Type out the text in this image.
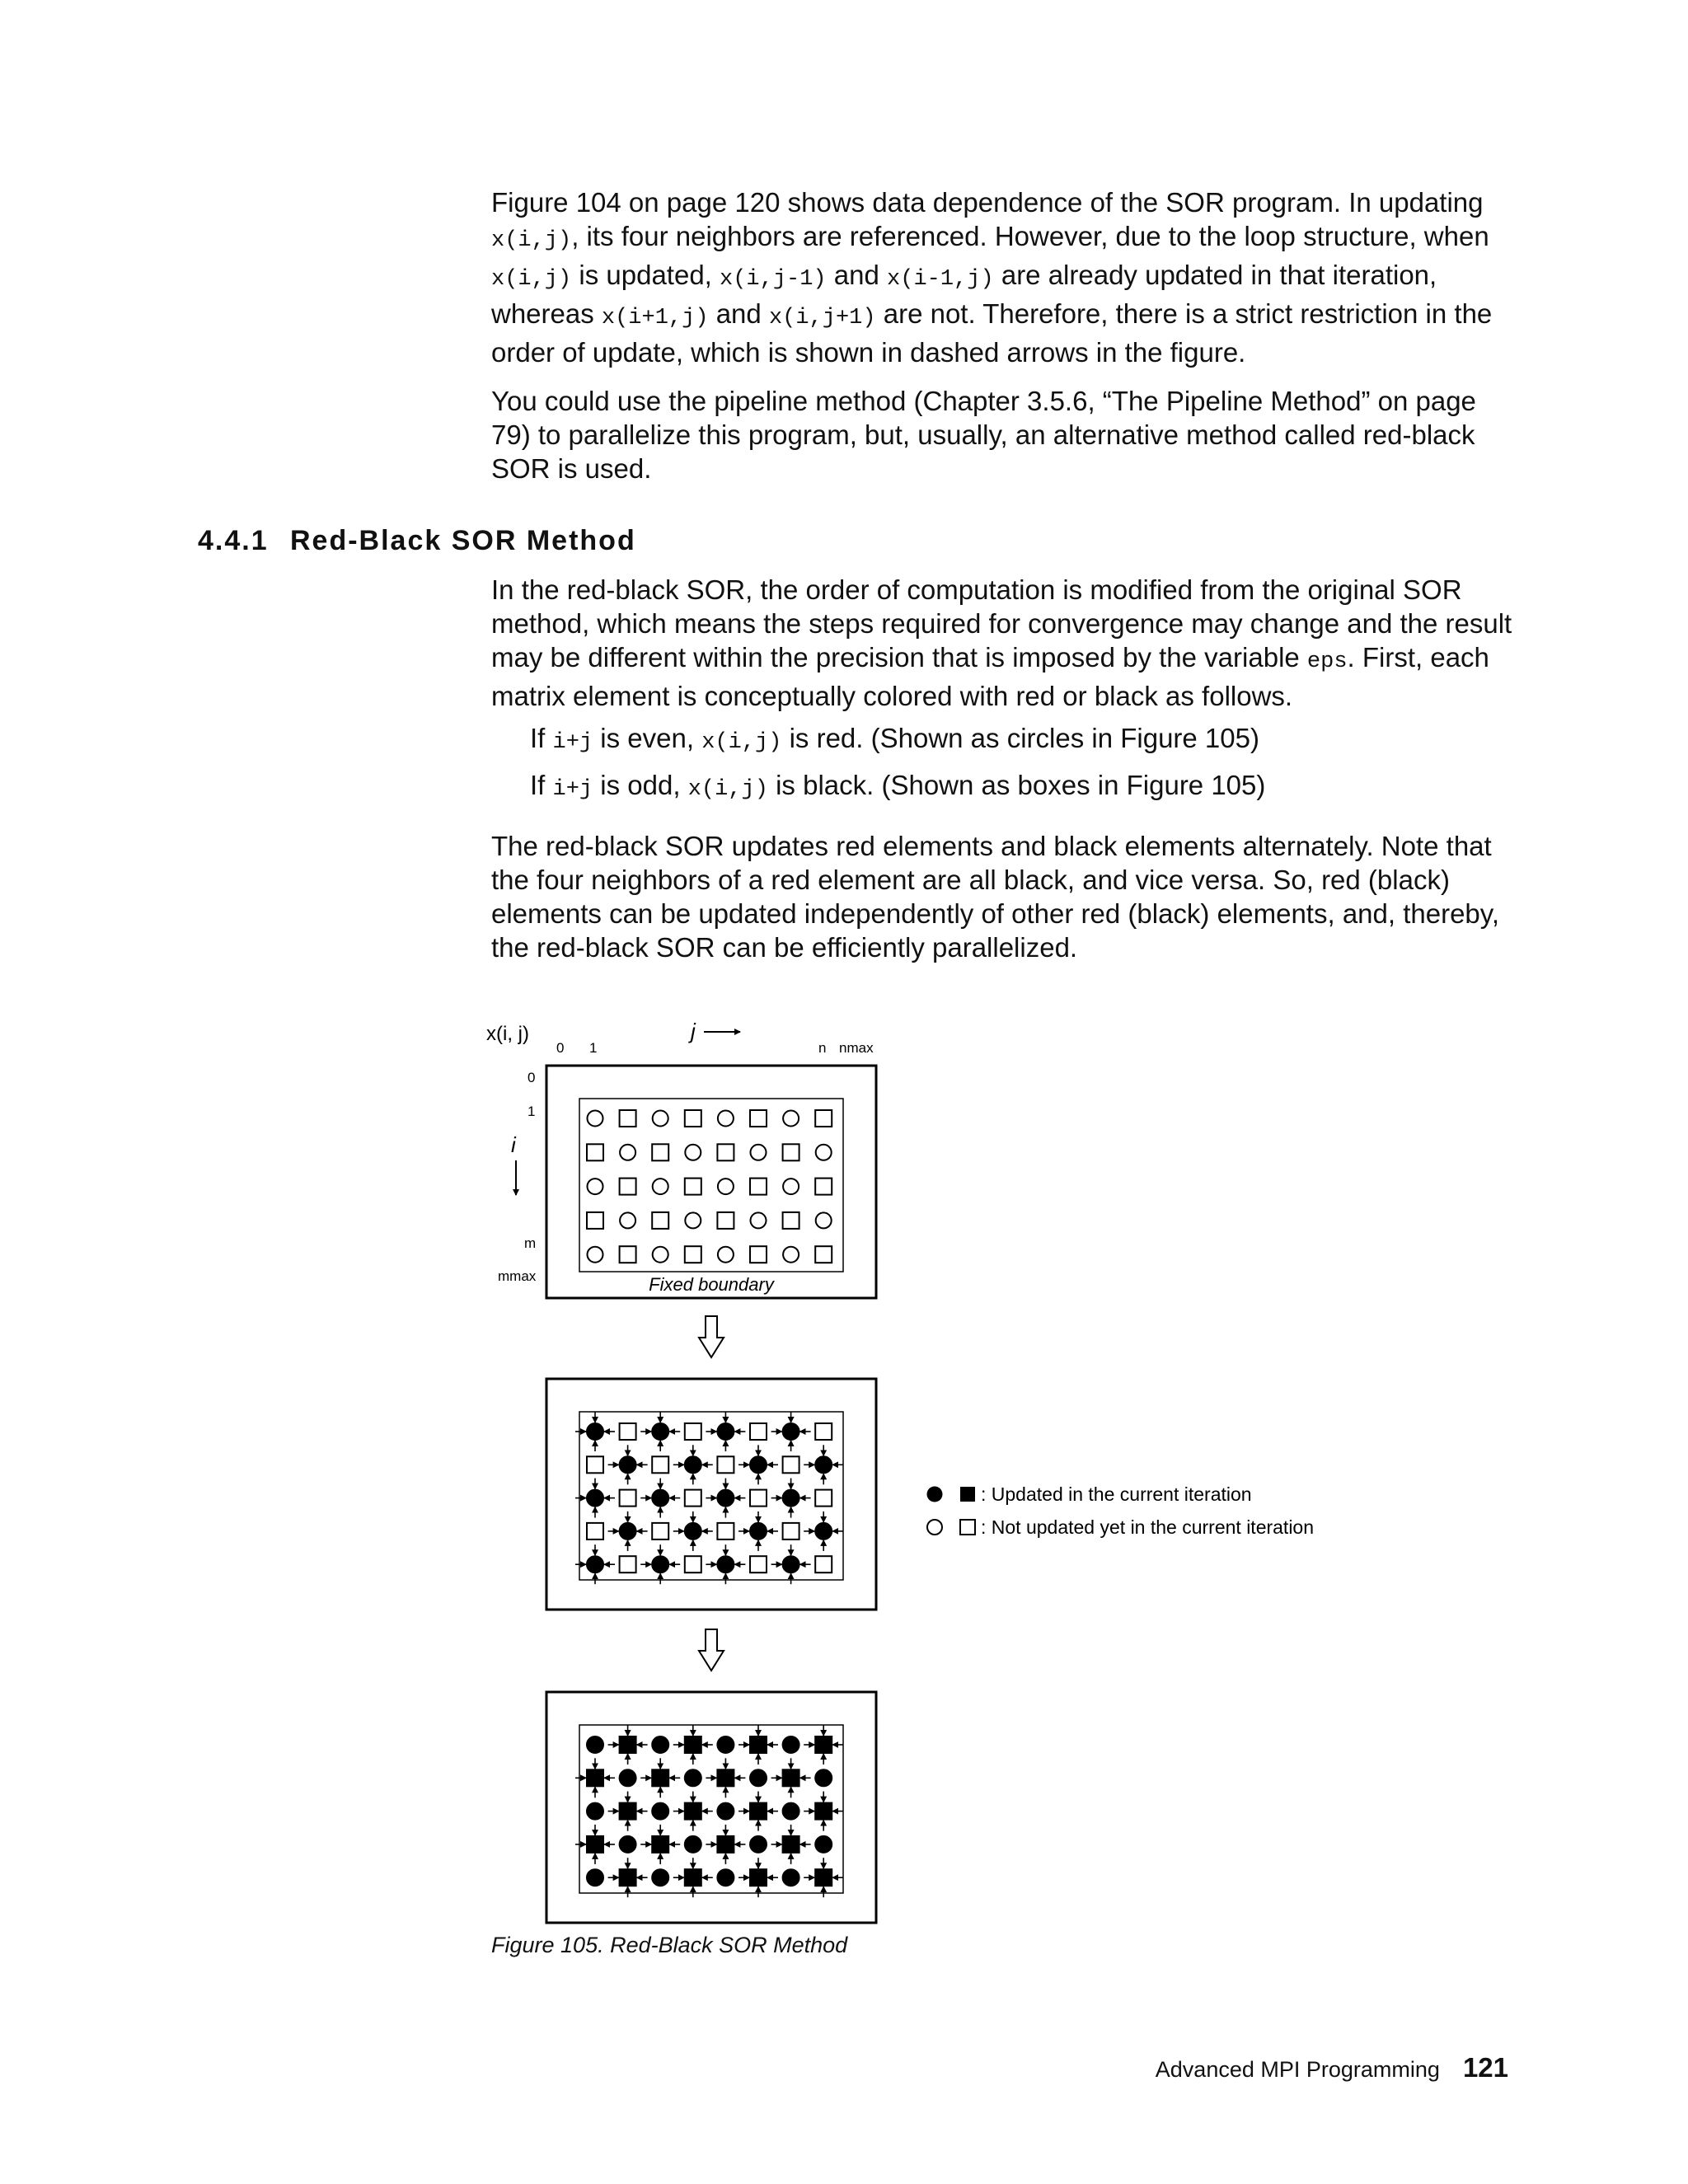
Figure 104 on page 120 shows data dependence of the SOR program. In updating x(i,j), its four neighbors are referenced. However, due to the loop structure, when x(i,j) is updated, x(i,j-1) and x(i-1,j) are already updated in that iteration, whereas x(i+1,j) and x(i,j+1) are not. Therefore, there is a strict restriction in the order of update, which is shown in dashed arrows in the figure.

You could use the pipeline method (Chapter 3.5.6, “The Pipeline Method” on page 79) to parallelize this program, but, usually, an alternative method called red-black SOR is used.

4.4.1 Red-Black SOR Method

In the red-black SOR, the order of computation is modified from the original SOR method, which means the steps required for convergence may change and the result may be different within the precision that is imposed by the variable eps. First, each matrix element is conceptually colored with red or black as follows.

If i+j is even, x(i,j) is red. (Shown as circles in Figure 105)
If i+j is odd, x(i,j) is black. (Shown as boxes in Figure 105)

The red-black SOR updates red elements and black elements alternately. Note that the four neighbors of a red element are all black, and vice versa. So, red (black) elements can be updated independently of other red (black) elements, and, thereby, the red-black SOR can be efficiently parallelized.

x(i, j)	j
0 1	n nmax
0
1
i
m
mmax	Fixed boundary
: Updated in the current iteration
: Not updated yet in the current iteration
Figure 105. Red-Black SOR Method
Advanced MPI Programming 121
